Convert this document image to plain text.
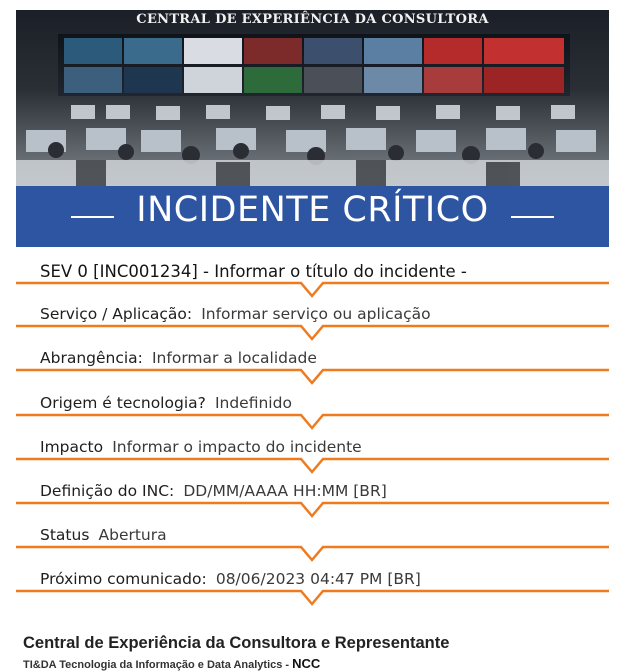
CENTRAL DE EXPERIÊNCIA DA CONSULTORA
INCIDENTE CRÍTICO
SEV 0 [INC001234] - Informar o título do incidente -
Serviço / Aplicação: Informar serviço ou aplicação
Abrangência: Informar a localidade
Origem é tecnologia? Indefinido
Impacto Informar o impacto do incidente
Definição do INC: DD/MM/AAAA HH:MM [BR]
Status Abertura
Próximo comunicado: 08/06/2023 04:47 PM [BR]
Central de Experiência da Consultora e Representante
TI&DA Tecnologia da Informação e Data Analytics - NCC
